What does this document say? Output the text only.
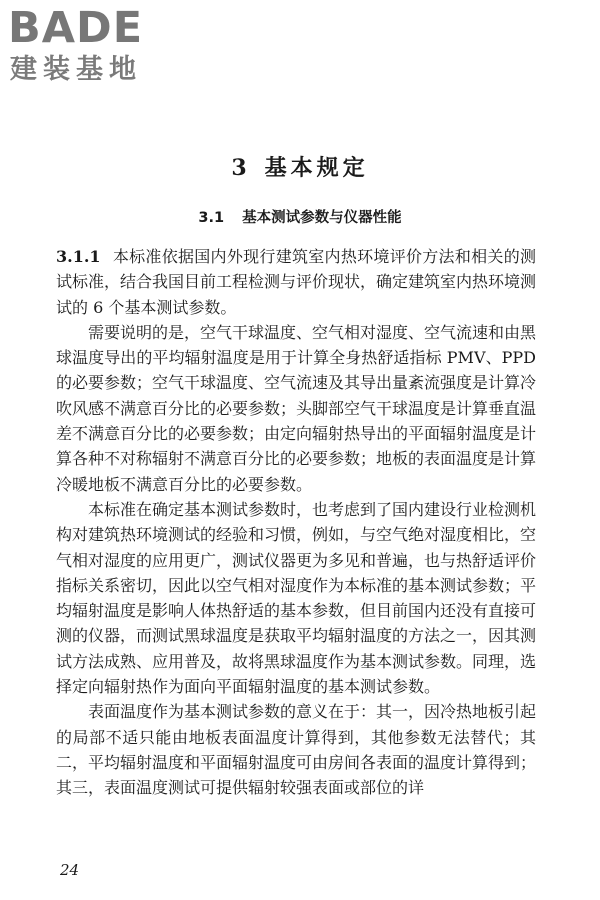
BADE
建装基地
3 基本规定
3.1 基本测试参数与仪器性能

3.1.1 本标准依据国内外现行建筑室内热环境评价方法和相关的测试标准，结合我国目前工程检测与评价现状，确定建筑室内热环境测试的 6 个基本测试参数。

需要说明的是，空气干球温度、空气相对湿度、空气流速和由黑球温度导出的平均辐射温度是用于计算全身热舒适指标 PMV、PPD 的必要参数；空气干球温度、空气流速及其导出量紊流强度是计算冷吹风感不满意百分比的必要参数；头脚部空气干球温度是计算垂直温差不满意百分比的必要参数；由定向辐射热导出的平面辐射温度是计算各种不对称辐射不满意百分比的必要参数；地板的表面温度是计算冷暖地板不满意百分比的必要参数。

本标准在确定基本测试参数时，也考虑到了国内建设行业检测机构对建筑热环境测试的经验和习惯，例如，与空气绝对湿度相比，空气相对湿度的应用更广，测试仪器更为多见和普遍，也与热舒适评价指标关系密切，因此以空气相对湿度作为本标准的基本测试参数；平均辐射温度是影响人体热舒适的基本参数，但目前国内还没有直接可测的仪器，而测试黑球温度是获取平均辐射温度的方法之一，因其测试方法成熟、应用普及，故将黑球温度作为基本测试参数。同理，选择定向辐射热作为面向平面辐射温度的基本测试参数。

表面温度作为基本测试参数的意义在于：其一，因冷热地板引起的局部不适只能由地板表面温度计算得到，其他参数无法替代；其二，平均辐射温度和平面辐射温度可由房间各表面的温度计算得到；其三，表面温度测试可提供辐射较强表面或部位的详

24
